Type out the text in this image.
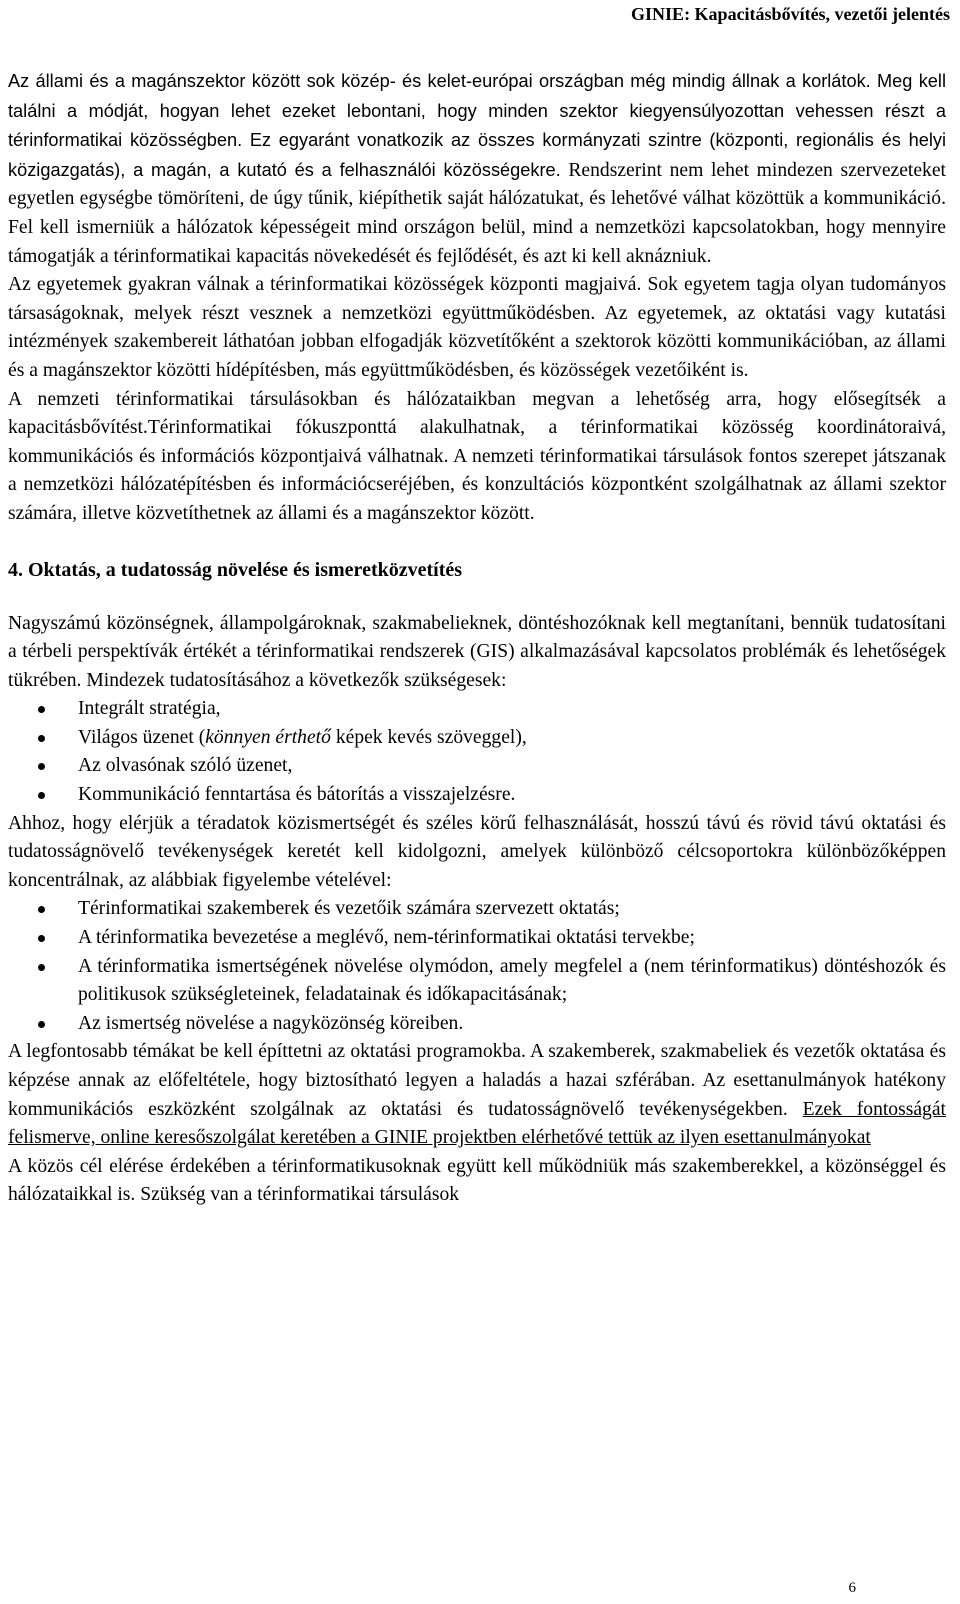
GINIE: Kapacitásbővítés, vezetői jelentés

Az állami és a magánszektor között sok közép- és kelet-európai országban még mindig állnak a korlátok. Meg kell találni a módját, hogyan lehet ezeket lebontani, hogy minden szektor kiegyensúlyozottan vehessen részt a térinformatikai közösségben. Ez egyaránt vonatkozik az összes kormányzati szintre (központi, regionális és helyi közigazgatás), a magán, a kutató és a felhasználói közösségekre. Rendszerint nem lehet mindezen szervezeteket egyetlen egységbe tömöríteni, de úgy tűnik, kiépíthetik saját hálózatukat, és lehetővé válhat közöttük a kommunikáció. Fel kell ismerniük a hálózatok képességeit mind országon belül, mind a nemzetközi kapcsolatokban, hogy mennyire támogatják a térinformatikai kapacitás növekedését és fejlődését, és azt ki kell aknázniuk.

Az egyetemek gyakran válnak a térinformatikai közösségek központi magjaivá. Sok egyetem tagja olyan tudományos társaságoknak, melyek részt vesznek a nemzetközi együttműködésben. Az egyetemek, az oktatási vagy kutatási intézmények szakembereit láthatóan jobban elfogadják közvetítőként a szektorok közötti kommunikációban, az állami és a magánszektor közötti hídépítésben, más együttműködésben, és közösségek vezetőiként is.

A nemzeti térinformatikai társulásokban és hálózataikban megvan a lehetőség arra, hogy elősegítsék a kapacitásbővítést.Térinformatikai fókuszponttá alakulhatnak, a térinformatikai közösség koordinátoraivá, kommunikációs és információs központjaivá válhatnak. A nemzeti térinformatikai társulások fontos szerepet játszanak a nemzetközi hálózatépítésben és információcseréjében, és konzultációs központként szolgálhatnak az állami szektor számára, illetve közvetíthetnek az állami és a magánszektor között.

4. Oktatás, a tudatosság növelése és ismeretközvetítés

Nagyszámú közönségnek, állampolgároknak, szakmabelieknek, döntéshozóknak kell megtanítani, bennük tudatosítani a térbeli perspektívák értékét a térinformatikai rendszerek (GIS) alkalmazásával kapcsolatos problémák és lehetőségek tükrében. Mindezek tudatosításához a következők szükségesek:

Integrált stratégia,
Világos üzenet (könnyen érthető képek kevés szöveggel),
Az olvasónak szóló üzenet,
Kommunikáció fenntartása és bátorítás a visszajelzésre.

Ahhoz, hogy elérjük a téradatok közismertségét és széles körű felhasználását, hosszú távú és rövid távú oktatási és tudatosságnövelő tevékenységek keretét kell kidolgozni, amelyek különböző célcsoportokra különbözőképpen koncentrálnak, az alábbiak figyelembe vételével:

Térinformatikai szakemberek és vezetőik számára szervezett oktatás;
A térinformatika bevezetése a meglévő, nem-térinformatikai oktatási tervekbe;
A térinformatika ismertségének növelése olymódon, amely megfelel a (nem térinformatikus) döntéshozók és politikusok szükségleteinek, feladatainak és időkapacitásának;
Az ismertség növelése a nagyközönség köreiben.

A legfontosabb témákat be kell építtetni az oktatási programokba. A szakemberek, szakmabeliek és vezetők oktatása és képzése annak az előfeltétele, hogy biztosítható legyen a haladás a hazai szférában. Az esettanulmányok hatékony kommunikációs eszközként szolgálnak az oktatási és tudatosságnövelő tevékenységekben. Ezek fontosságát felismerve, online keresőszolgálat keretében a GINIE projektben elérhetővé tettük az ilyen esettanulmányokat

A közös cél elérése érdekében a térinformatikusoknak együtt kell működniük más szakemberekkel, a közönséggel és hálózataikkal is. Szükség van a térinformatikai társulások

6
